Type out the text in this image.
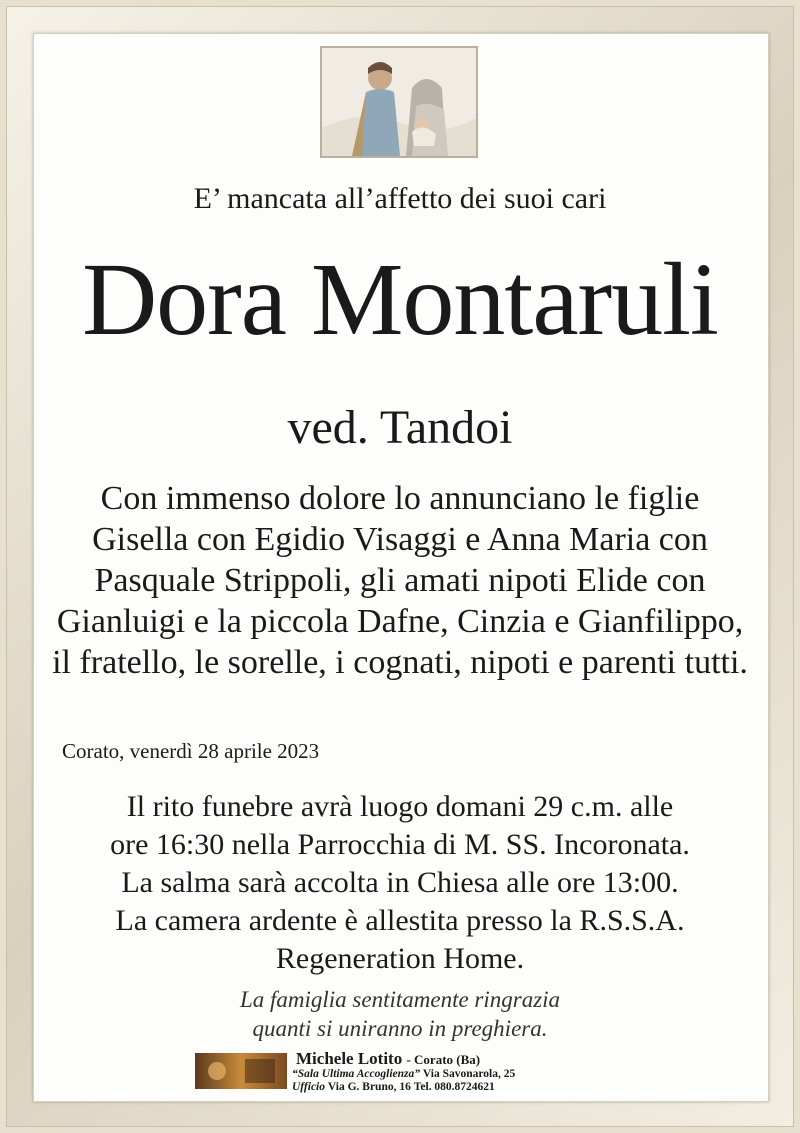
E’ mancata all’affetto dei suoi cari
Dora Montaruli
ved. Tandoi
Con immenso dolore lo annunciano le figlie
Gisella con Egidio Visaggi e Anna Maria con
Pasquale Strippoli, gli amati nipoti Elide con
Gianluigi e la piccola Dafne, Cinzia e Gianfilippo,
il fratello, le sorelle, i cognati, nipoti e parenti tutti.
Corato, venerdì 28 aprile 2023
Il rito funebre avrà luogo domani 29 c.m. alle
ore 16:30 nella Parrocchia di M. SS. Incoronata.
La salma sarà accolta in Chiesa alle ore 13:00.
La camera ardente è allestita presso la R.S.S.A.
Regeneration Home.
La famiglia sentitamente ringrazia
quanti si uniranno in preghiera.
Michele Lotito - Corato (Ba)
“Sala Ultima Accoglienza” Via Savonarola, 25
Ufficio Via G. Bruno, 16 Tel. 080.8724621
